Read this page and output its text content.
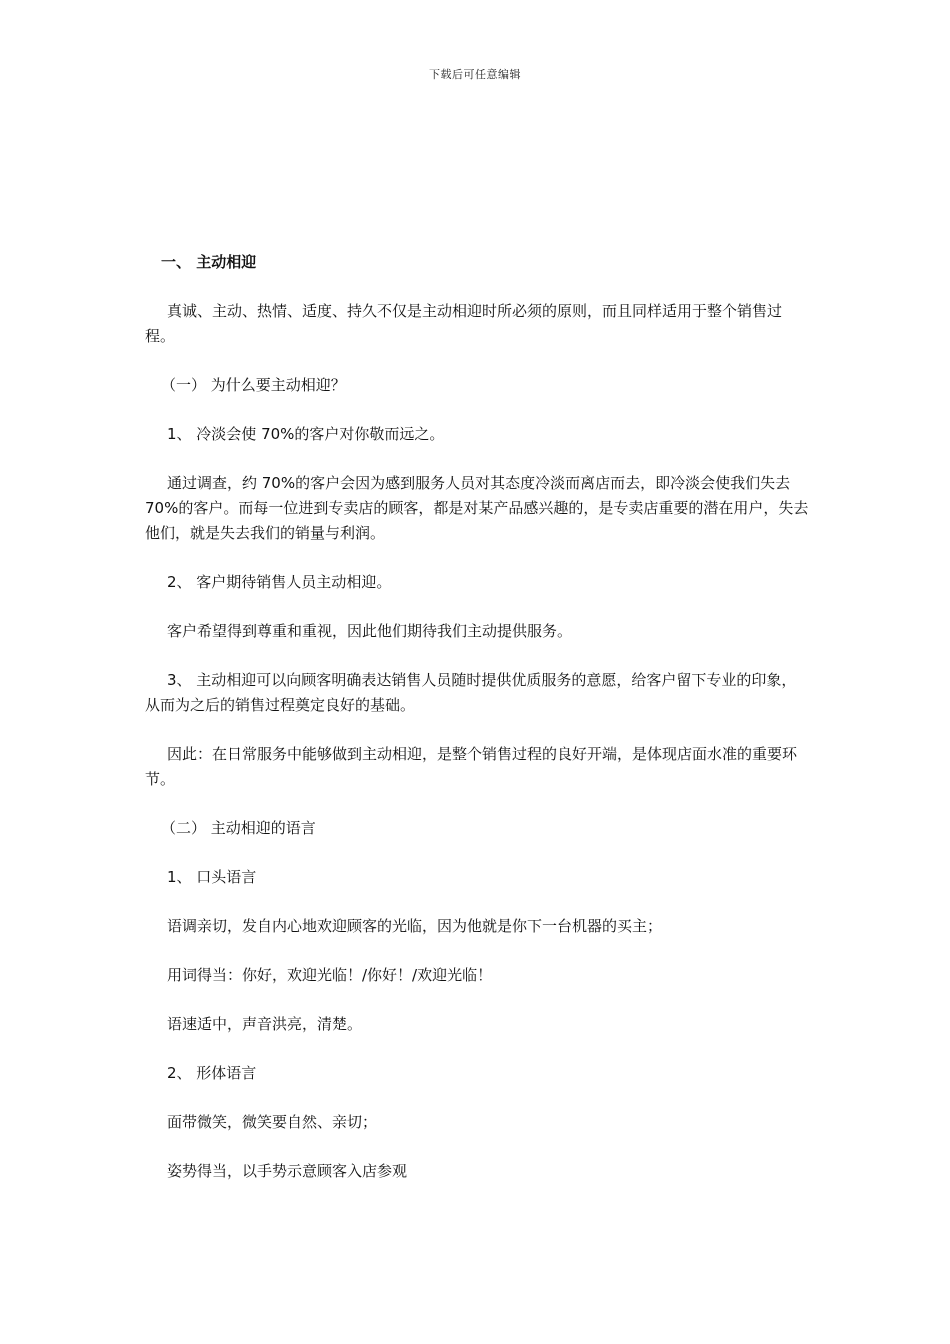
下载后可任意编辑

一、 主动相迎

真诚、主动、热情、适度、持久不仅是主动相迎时所必须的原则，而且同样适用于整个销售过程。

（一） 为什么要主动相迎？

1、 冷淡会使 70%的客户对你敬而远之。

通过调查，约 70%的客户会因为感到服务人员对其态度冷淡而离店而去，即冷淡会使我们失去 70%的客户。而每一位进到专卖店的顾客，都是对某产品感兴趣的，是专卖店重要的潜在用户，失去他们，就是失去我们的销量与利润。

2、 客户期待销售人员主动相迎。

客户希望得到尊重和重视，因此他们期待我们主动提供服务。

3、 主动相迎可以向顾客明确表达销售人员随时提供优质服务的意愿，给客户留下专业的印象，从而为之后的销售过程奠定良好的基础。

因此：在日常服务中能够做到主动相迎，是整个销售过程的良好开端，是体现店面水准的重要环节。

（二） 主动相迎的语言

1、 口头语言

语调亲切，发自内心地欢迎顾客的光临，因为他就是你下一台机器的买主；

用词得当：你好，欢迎光临！/你好！/欢迎光临！

语速适中，声音洪亮，清楚。

2、 形体语言

面带微笑，微笑要自然、亲切；

姿势得当，以手势示意顾客入店参观
